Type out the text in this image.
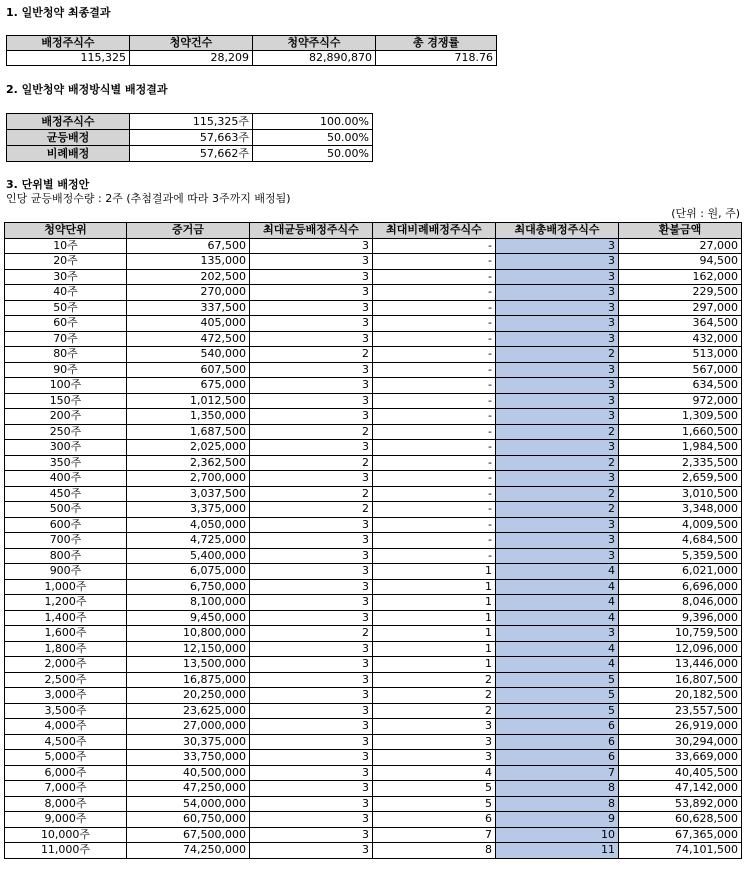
1. 일반청약 최종결과
배정주식수	청약건수	청약주식수	총 경쟁률
115,325	28,209	82,890,870	718.76
2. 일반청약 배정방식별 배정결과
배정주식수	115,325주	100.00%
균등배정	57,663주	50.00%
비례배정	57,662주	50.00%
3. 단위별 배정안
인당 균등배정수량 : 2주 (추첨결과에 따라 3주까지 배정됨)
(단위 : 원, 주)
청약단위	증거금	최대균등배정주식수	최대비례배정주식수	최대총배정주식수	환불금액
10주	67,500	3	-	3	27,000
20주	135,000	3	-	3	94,500
30주	202,500	3	-	3	162,000
40주	270,000	3	-	3	229,500
50주	337,500	3	-	3	297,000
60주	405,000	3	-	3	364,500
70주	472,500	3	-	3	432,000
80주	540,000	2	-	2	513,000
90주	607,500	3	-	3	567,000
100주	675,000	3	-	3	634,500
150주	1,012,500	3	-	3	972,000
200주	1,350,000	3	-	3	1,309,500
250주	1,687,500	2	-	2	1,660,500
300주	2,025,000	3	-	3	1,984,500
350주	2,362,500	2	-	2	2,335,500
400주	2,700,000	3	-	3	2,659,500
450주	3,037,500	2	-	2	3,010,500
500주	3,375,000	2	-	2	3,348,000
600주	4,050,000	3	-	3	4,009,500
700주	4,725,000	3	-	3	4,684,500
800주	5,400,000	3	-	3	5,359,500
900주	6,075,000	3	1	4	6,021,000
1,000주	6,750,000	3	1	4	6,696,000
1,200주	8,100,000	3	1	4	8,046,000
1,400주	9,450,000	3	1	4	9,396,000
1,600주	10,800,000	2	1	3	10,759,500
1,800주	12,150,000	3	1	4	12,096,000
2,000주	13,500,000	3	1	4	13,446,000
2,500주	16,875,000	3	2	5	16,807,500
3,000주	20,250,000	3	2	5	20,182,500
3,500주	23,625,000	3	2	5	23,557,500
4,000주	27,000,000	3	3	6	26,919,000
4,500주	30,375,000	3	3	6	30,294,000
5,000주	33,750,000	3	3	6	33,669,000
6,000주	40,500,000	3	4	7	40,405,500
7,000주	47,250,000	3	5	8	47,142,000
8,000주	54,000,000	3	5	8	53,892,000
9,000주	60,750,000	3	6	9	60,628,500
10,000주	67,500,000	3	7	10	67,365,000
11,000주	74,250,000	3	8	11	74,101,500
